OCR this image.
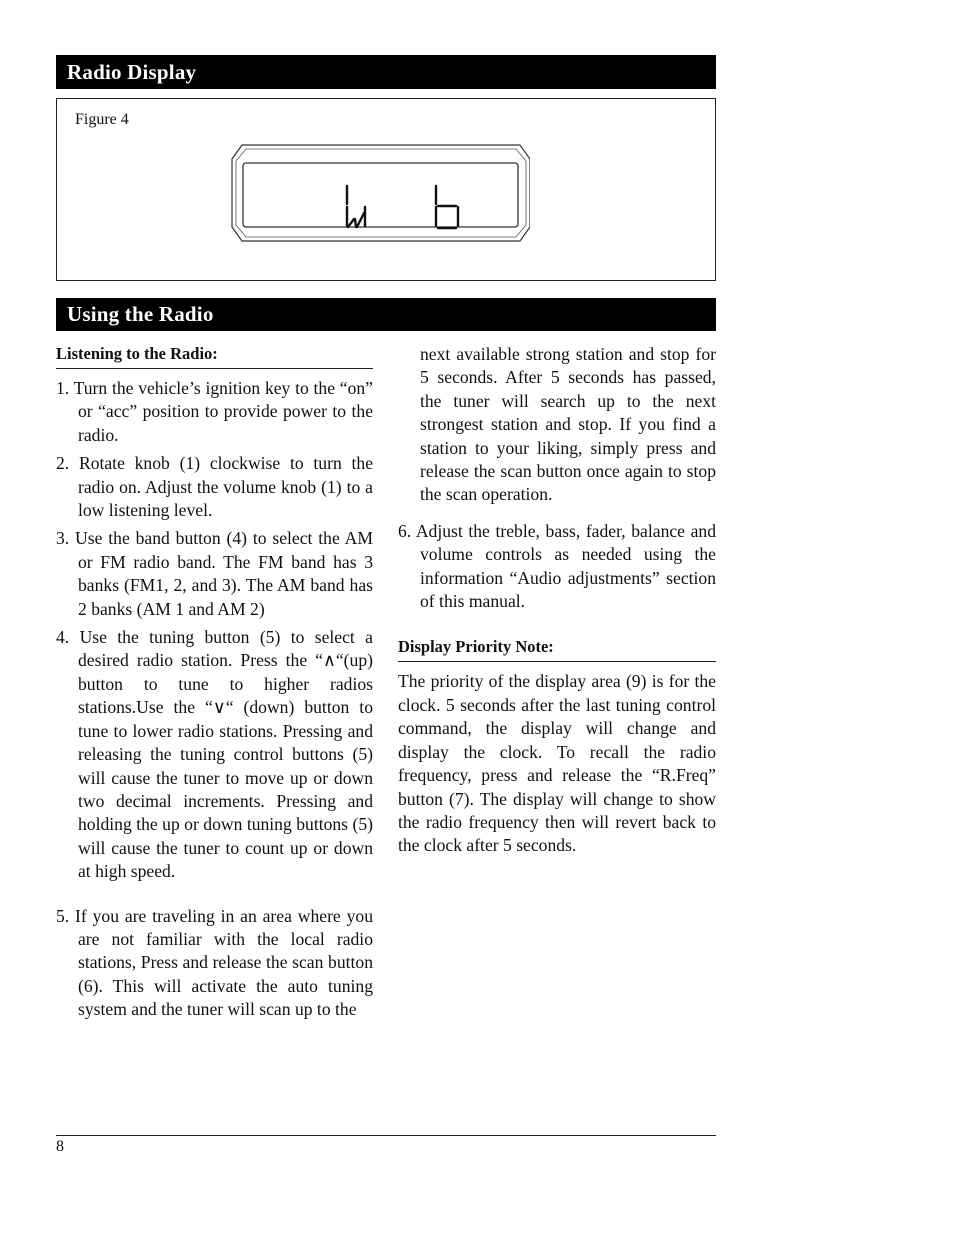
Radio Display
Figure 4
Using the Radio
Listening to the Radio:

1. Turn the vehicle’s ignition key to the “on” or “acc” position to provide power to the radio.

2. Rotate knob (1) clockwise to turn the radio on. Adjust the volume knob (1) to a low listening level.

3. Use the band button (4) to select the AM or FM radio band. The FM band has 3 banks (FM1, 2, and 3). The AM band has 2 banks (AM 1 and AM 2)

4. Use the tuning button (5) to select a desired radio station. Press the “∧“(up) button to tune to higher radios stations.Use the “∨“ (down) button to tune to lower radio stations. Pressing and releasing the tuning control buttons (5) will cause the tuner to move up or down two decimal increments. Pressing and holding the up or down tuning buttons (5) will cause the tuner to count up or down at high speed.

5. If you are traveling in an area where you are not familiar with the local radio stations, Press and release the scan button (6). This will activate the auto tuning system and the tuner will scan up to the

next available strong station and stop for 5 seconds. After 5 seconds has passed, the tuner will search up to the next strongest station and stop. If you find a station to your liking, simply press and release the scan button once again to stop the scan operation.

6. Adjust the treble, bass, fader, balance and volume controls as needed using the information “Audio adjustments” section of this manual.

Display Priority Note:

The priority of the display area (9) is for the clock. 5 seconds after the last tuning control command, the display will change and display the clock. To recall the radio frequency, press and release the “R.Freq” button (7). The display will change to show the radio frequency then will revert back to the clock after 5 seconds.

8
